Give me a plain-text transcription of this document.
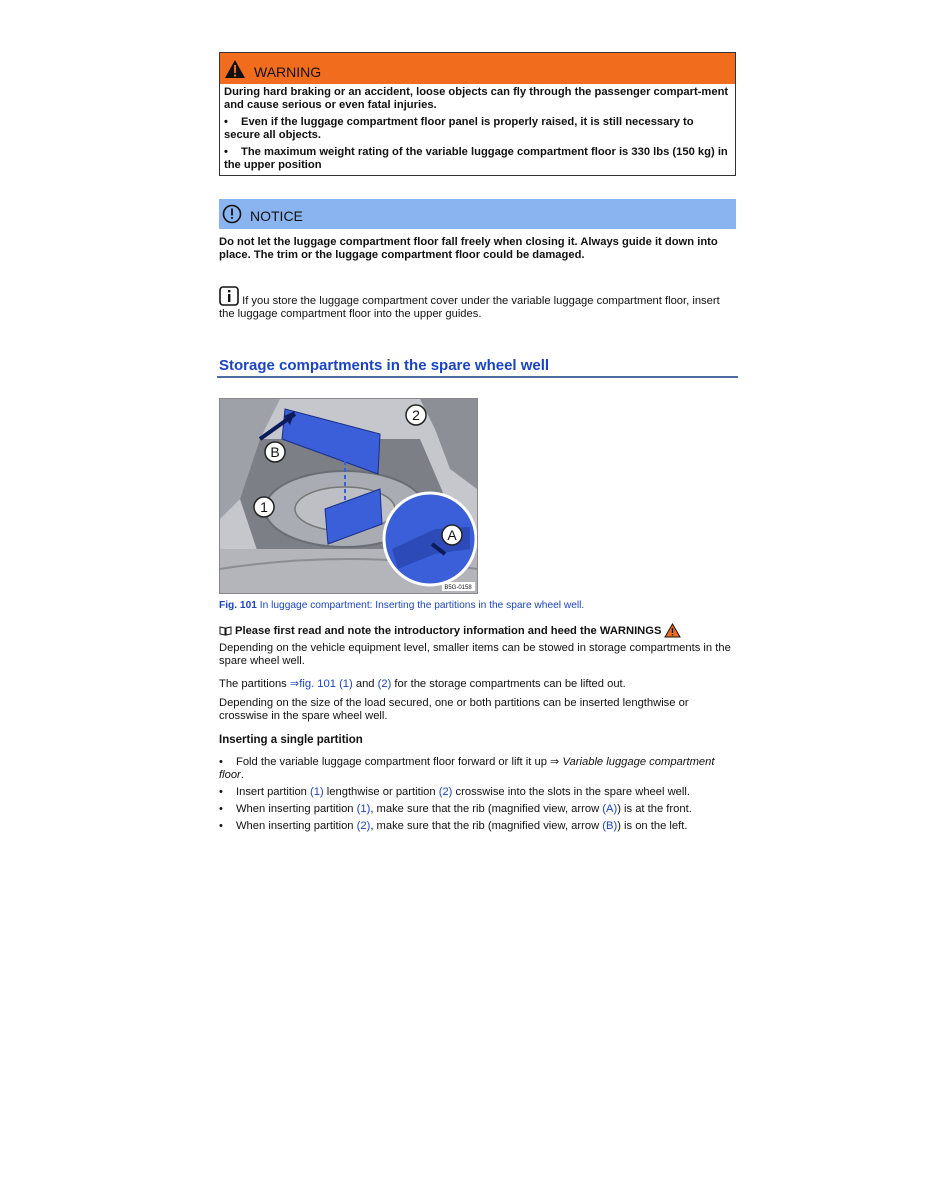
WARNING

During hard braking or an accident, loose objects can fly through the passenger compart-ment and cause serious or even fatal injuries.

• Even if the luggage compartment floor panel is properly raised, it is still necessary to secure all objects.

• The maximum weight rating of the variable luggage compartment floor is 330 lbs (150 kg) in the upper position

NOTICE
Do not let the luggage compartment floor fall freely when closing it. Always guide it down into place. The trim or the luggage compartment floor could be damaged.
If you store the luggage compartment cover under the variable luggage compartment floor, insert the luggage compartment floor into the upper guides.
Storage compartments in the spare wheel well
2
B
1
A
B5G-0158
Fig. 101 In luggage compartment: Inserting the partitions in the spare wheel well.
Please first read and note the introductory information and heed the WARNINGS

Depending on the vehicle equipment level, smaller items can be stowed in storage compartments in the spare wheel well.

The partitions ⇒fig. 101 (1) and (2) for the storage compartments can be lifted out.

Depending on the size of the load secured, one or both partitions can be inserted lengthwise or crosswise in the spare wheel well.

Inserting a single partition
• Fold the variable luggage compartment floor forward or lift it up ⇒ Variable luggage compartment floor.
• Insert partition (1) lengthwise or partition (2) crosswise into the slots in the spare wheel well.
• When inserting partition (1), make sure that the rib (magnified view, arrow (A)) is at the front.
• When inserting partition (2), make sure that the rib (magnified view, arrow (B)) is on the left.
